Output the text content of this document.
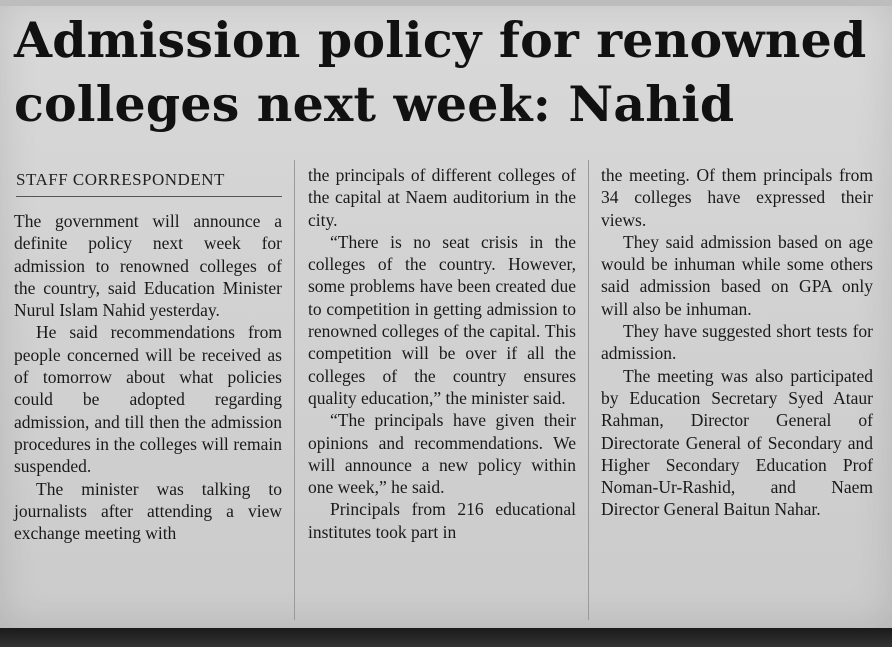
Admission policy for renowned colleges next week: Nahid
STAFF CORRESPONDENT

The government will announce a definite policy next week for admission to renowned colleges of the country, said Education Minister Nurul Islam Nahid yesterday.

He said recommendations from people concerned will be received as of tomorrow about what policies could be adopted regarding admission, and till then the admission procedures in the colleges will remain suspended.

The minister was talking to journalists after attending a view exchange meeting with

the principals of different colleges of the capital at Naem auditorium in the city.

“There is no seat crisis in the colleges of the country. However, some problems have been created due to competition in getting admission to renowned colleges of the capital. This competition will be over if all the colleges of the country ensures quality education,” the minister said.

“The principals have given their opinions and recommendations. We will announce a new policy within one week,” he said.

Principals from 216 educational institutes took part in

the meeting. Of them principals from 34 colleges have expressed their views.

They said admission based on age would be inhuman while some others said admission based on GPA only will also be inhuman.

They have suggested short tests for admission.

The meeting was also participated by Education Secretary Syed Ataur Rahman, Director General of Directorate General of Secondary and Higher Secondary Education Prof Noman-Ur-Rashid, and Naem Director General Baitun Nahar.
